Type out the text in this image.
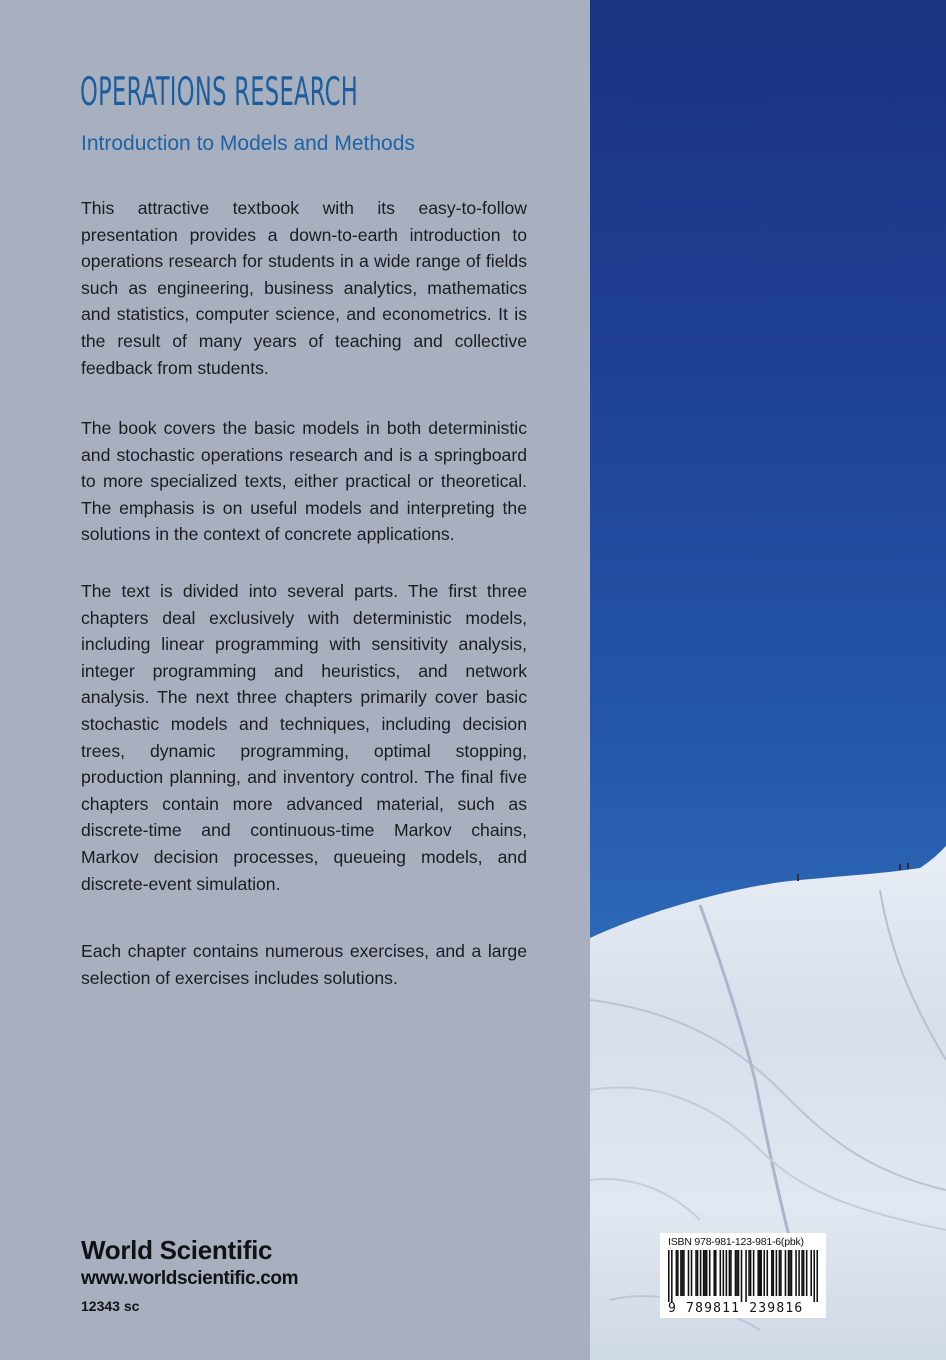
OPERATIONS RESEARCH
Introduction to Models and Methods

This attractive textbook with its easy-to-follow presentation provides a down-to-earth introduction to operations research for students in a wide range of fields such as engineering, business analytics, mathematics and statistics, computer science, and econometrics. It is the result of many years of teaching and collective feedback from students.

The book covers the basic models in both deterministic and stochastic operations research and is a springboard to more specialized texts, either practical or theoretical. The emphasis is on useful models and interpreting the solutions in the context of concrete applications.

The text is divided into several parts. The first three chapters deal exclusively with deterministic models, including linear programming with sensitivity analysis, integer programming and heuristics, and network analysis. The next three chapters primarily cover basic stochastic models and techniques, including decision trees, dynamic programming, optimal stopping, production planning, and inventory control. The final five chapters contain more advanced material, such as discrete-time and continuous-time Markov chains, Markov decision processes, queueing models, and discrete-event simulation.

Each chapter contains numerous exercises, and a large selection of exercises includes solutions.

World Scientific
www.worldscientific.com
12343 sc
ISBN 978-981-123-981-6(pbk)
9 789811 239816
